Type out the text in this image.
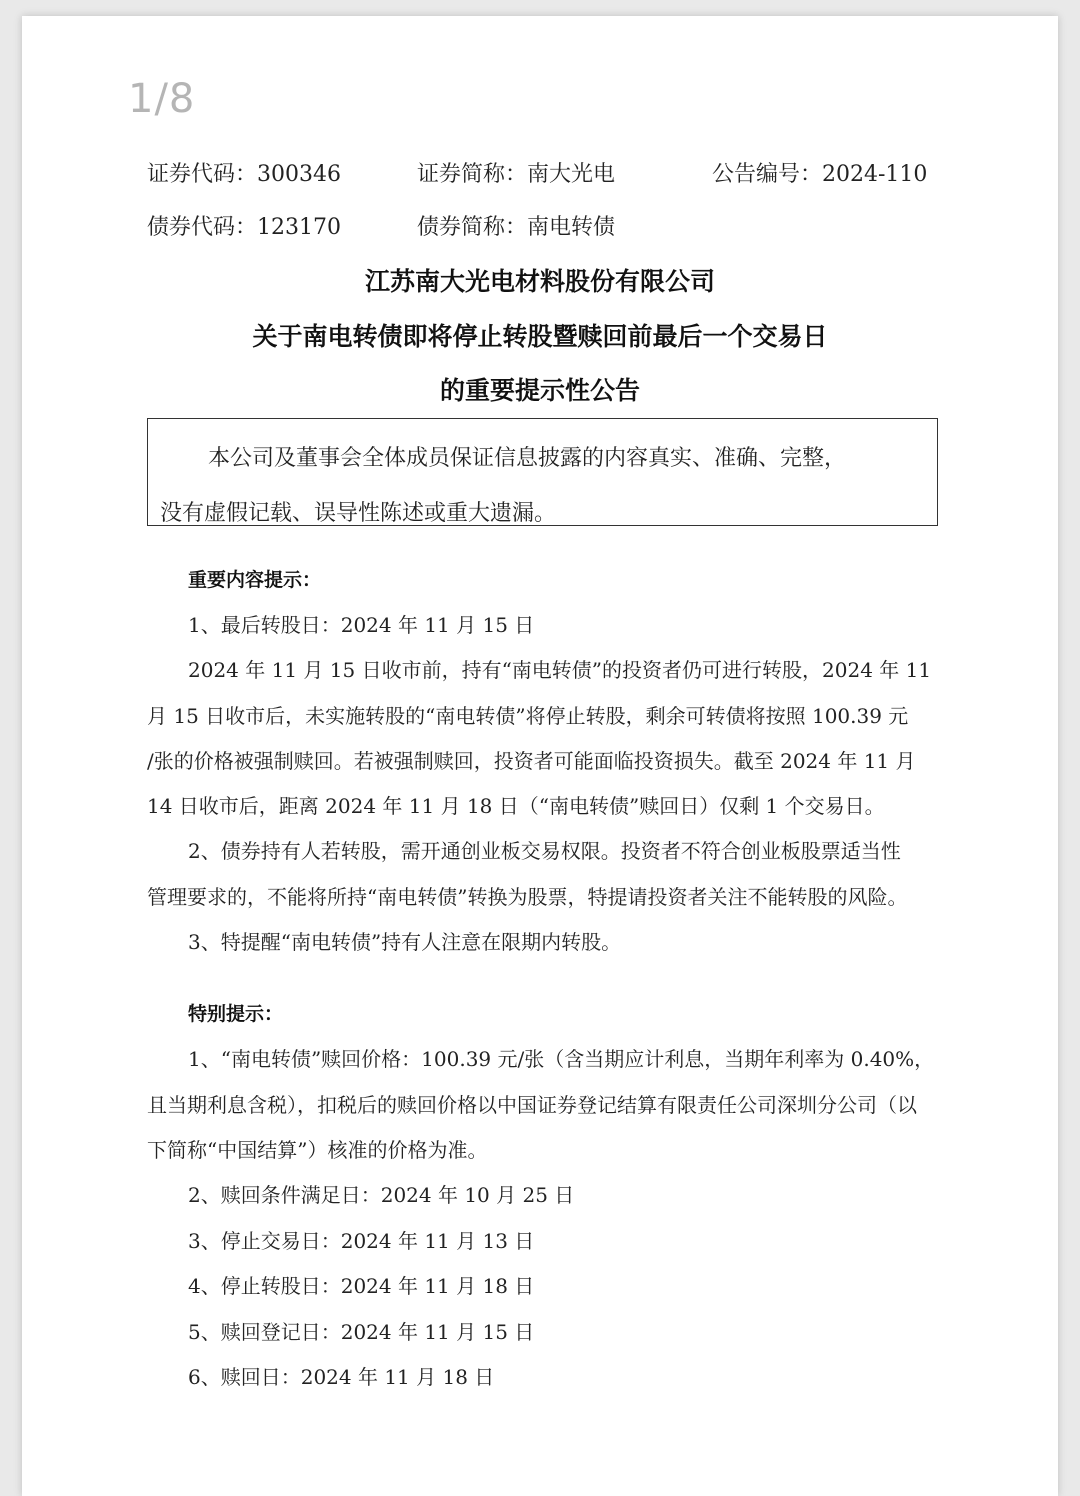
1/8
证券代码：300346	证券简称：南大光电	公告编号：2024-110
债券代码：123170	债券简称：南电转债
江苏南大光电材料股份有限公司
关于南电转债即将停止转股暨赎回前最后一个交易日
的重要提示性公告

本公司及董事会全体成员保证信息披露的内容真实、准确、完整，

没有虚假记载、误导性陈述或重大遗漏。

重要内容提示：
1、最后转股日：2024 年 11 月 15 日
2024 年 11 月 15 日收市前，持有“南电转债”的投资者仍可进行转股，2024 年 11
月 15 日收市后，未实施转股的“南电转债”将停止转股，剩余可转债将按照 100.39 元
/张的价格被强制赎回。若被强制赎回，投资者可能面临投资损失。截至 2024 年 11 月
14 日收市后，距离 2024 年 11 月 18 日（“南电转债”赎回日）仅剩 1 个交易日。
2、债券持有人若转股，需开通创业板交易权限。投资者不符合创业板股票适当性
管理要求的，不能将所持“南电转债”转换为股票，特提请投资者关注不能转股的风险。
3、特提醒“南电转债”持有人注意在限期内转股。
特别提示：
1、“南电转债”赎回价格：100.39 元/张（含当期应计利息，当期年利率为 0.40%，
且当期利息含税），扣税后的赎回价格以中国证券登记结算有限责任公司深圳分公司（以
下简称“中国结算”）核准的价格为准。
2、赎回条件满足日：2024 年 10 月 25 日
3、停止交易日：2024 年 11 月 13 日
4、停止转股日：2024 年 11 月 18 日
5、赎回登记日：2024 年 11 月 15 日
6、赎回日：2024 年 11 月 18 日
